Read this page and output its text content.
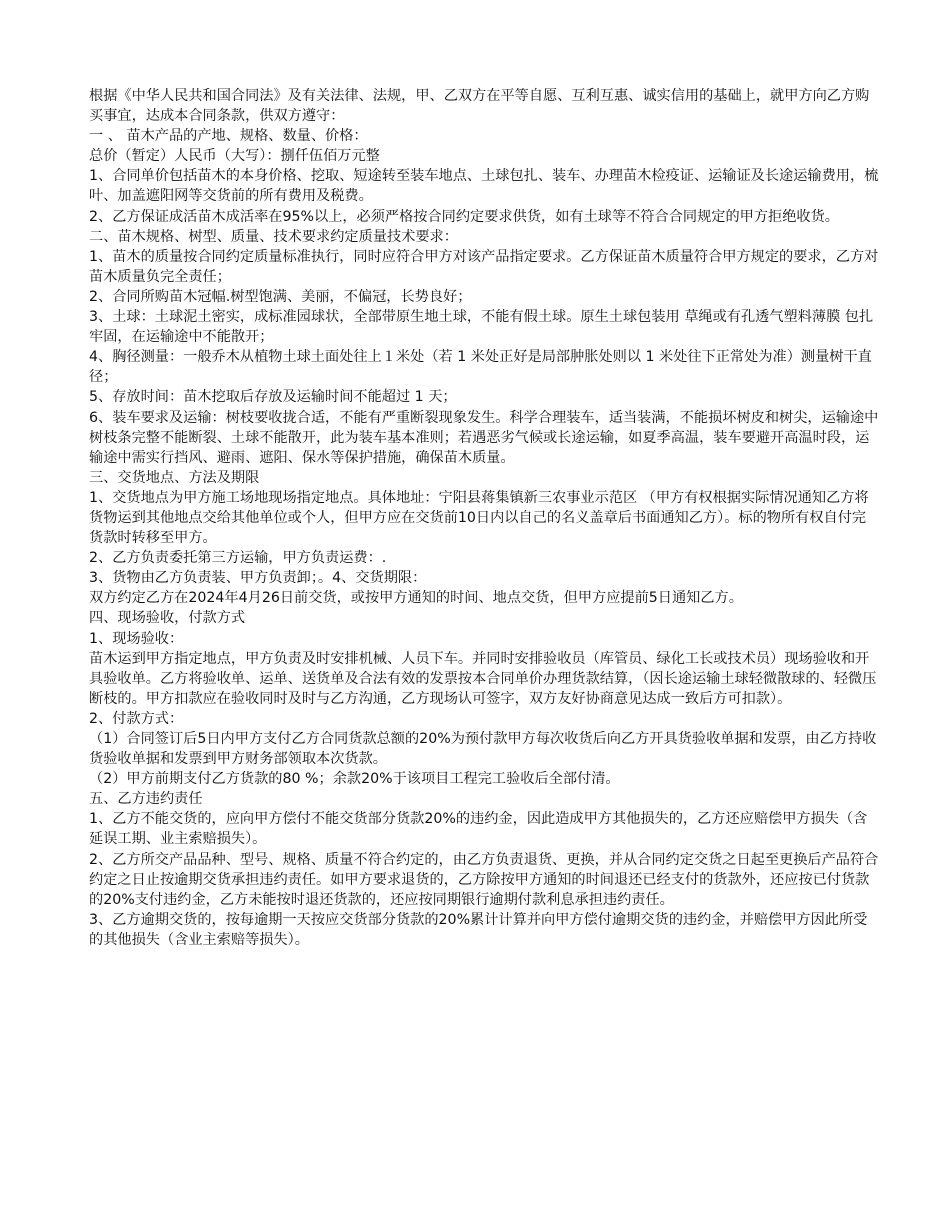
根据《中华人民共和国合同法》及有关法律、法规，甲、乙双方在平等自愿、互利互惠、诚实信用的基础上，就甲方向乙方购买事宜，达成本合同条款，供双方遵守：

一 、 苗木产品的产地、规格、数量、价格：

总价（暂定）人民币（大写）：捌仟伍佰万元整

1、合同单价包括苗木的本身价格、挖取、短途转至装车地点、土球包扎、装车、办理苗木检疫证、运输证及长途运输费用，梳叶、加盖遮阳网等交货前的所有费用及税费。

2、乙方保证成活苗木成活率在95%以上，必须严格按合同约定要求供货，如有土球等不符合合同规定的甲方拒绝收货。

二、苗木规格、树型、质量、技术要求约定质量技术要求：

1、苗木的质量按合同约定质量标准执行，同时应符合甲方对该产品指定要求。乙方保证苗木质量符合甲方规定的要求，乙方对苗木质量负完全责任；

2、合同所购苗木冠幅.树型饱满、美丽，不偏冠，长势良好；

3、土球：土球泥土密实，成标准园球状，全部带原生地土球，不能有假土球。原生土球包装用 草绳或有孔透气塑料薄膜 包扎牢固，在运输途中不能散开；

4、胸径测量：一般乔木从植物土球土面处往上１米处（若 1 米处正好是局部肿胀处则以 1 米处往下正常处为准）测量树干直径；

5、存放时间：苗木挖取后存放及运输时间不能超过 1 天；

6、装车要求及运输：树枝要收拢合适，不能有严重断裂现象发生。科学合理装车，适当装满，不能损坏树皮和树尖，运输途中树枝条完整不能断裂、土球不能散开，此为装车基本准则；若遇恶劣气候或长途运输，如夏季高温，装车要避开高温时段，运输途中需实行挡风、避雨、遮阳、保水等保护措施，确保苗木质量。

三、交货地点、方法及期限

1、交货地点为甲方施工场地现场指定地点。具体地址：宁阳县蒋集镇新三农事业示范区 （甲方有权根据实际情况通知乙方将货物运到其他地点交给其他单位或个人，但甲方应在交货前10日内以自己的名义盖章后书面通知乙方）。标的物所有权自付完货款时转移至甲方。

2、乙方负责委托第三方运输，甲方负责运费：.

3、货物由乙方负责装、甲方负责卸；。4、交货期限：

双方约定乙方在2024年4月26日前交货，或按甲方通知的时间、地点交货，但甲方应提前5日通知乙方。

四、现场验收，付款方式

1、现场验收：

苗木运到甲方指定地点，甲方负责及时安排机械、人员下车。并同时安排验收员（库管员、绿化工长或技术员）现场验收和开具验收单。乙方将验收单、运单、送货单及合法有效的发票按本合同单价办理货款结算，（因长途运输土球轻微散球的、轻微压断枝的。甲方扣款应在验收同时及时与乙方沟通，乙方现场认可签字，双方友好协商意见达成一致后方可扣款）。

2、付款方式：

（1）合同签订后5日内甲方支付乙方合同货款总额的20%为预付款甲方每次收货后向乙方开具货验收单据和发票，由乙方持收货验收单据和发票到甲方财务部领取本次货款。

（2）甲方前期支付乙方货款的80 %；余款20%于该项目工程完工验收后全部付清。

五、乙方违约责任

1、乙方不能交货的，应向甲方偿付不能交货部分货款20%的违约金，因此造成甲方其他损失的，乙方还应赔偿甲方损失（含延误工期、业主索赔损失）。

2、乙方所交产品品种、型号、规格、质量不符合约定的，由乙方负责退货、更换，并从合同约定交货之日起至更换后产品符合约定之日止按逾期交货承担违约责任。如甲方要求退货的，乙方除按甲方通知的时间退还已经支付的货款外，还应按已付货款的20%支付违约金，乙方未能按时退还货款的，还应按同期银行逾期付款利息承担违约责任。

3、乙方逾期交货的，按每逾期一天按应交货部分货款的20%累计计算并向甲方偿付逾期交货的违约金，并赔偿甲方因此所受的其他损失（含业主索赔等损失）。
